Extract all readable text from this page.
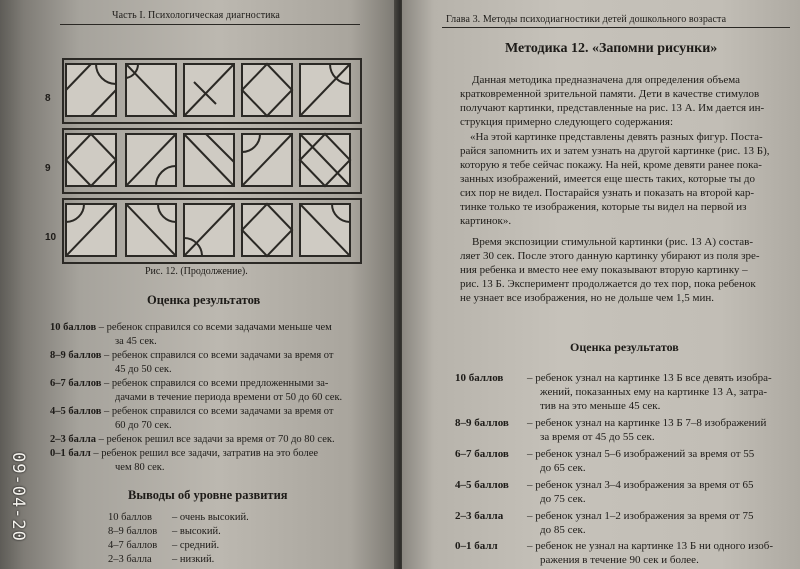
Часть I. Психологическая диагностика
8
9
10
Рис. 12. (Продолжение).
Оценка результатов
10 баллов – ребенок справился со всеми задачами меньше чем
за 45 сек.
8–9 баллов – ребенок справился со всеми задачами за время от
45 до 50 сек.
6–7 баллов – ребенок справился со всеми предложенными за-
дачами в течение периода времени от 50 до 60 сек.
4–5 баллов – ребенок справился со всеми задачами за время от
60 до 70 сек.
2–3 балла – ребенок решил все задачи за время от 70 до 80 сек.
0–1 балл – ребенок решил все задачи, затратив на это более
чем 80 сек.
Выводы об уровне развития
10 баллов – очень высокий.
8–9 баллов – высокий.
4–7 баллов – средний.
2–3 балла – низкий.
Глава 3. Методы психодиагностики детей дошкольного возраста
Методика 12. «Запомни рисунки»
Данная методика предназначена для определения объема
кратковременной зрительной памяти. Дети в качестве стимулов
получают картинки, представленные на рис. 13 А. Им дается ин-
струкция примерно следующего содержания:
«На этой картинке представлены девять разных фигур. Поста-
райся запомнить их и затем узнать на другой картинке (рис. 13 Б),
которую я тебе сейчас покажу. На ней, кроме девяти ранее пока-
занных изображений, имеется еще шесть таких, которые ты до
сих пор не видел. Постарайся узнать и показать на второй кар-
тинке только те изображения, которые ты видел на первой из
картинок».
Время экспозиции стимульной картинки (рис. 13 А) состав-
ляет 30 сек. После этого данную картинку убирают из поля зре-
ния ребенка и вместо нее ему показывают вторую картинку –
рис. 13 Б. Эксперимент продолжается до тех пор, пока ребенок
не узнает все изображения, но не дольше чем 1,5 мин.
Оценка результатов
10 баллов – ребенок узнал на картинке 13 Б все девять изобра-
жений, показанных ему на картинке 13 А, затра-
тив на это меньше 45 сек.
8–9 баллов – ребенок узнал на картинке 13 Б 7–8 изображений
за время от 45 до 55 сек.
6–7 баллов – ребенок узнал 5–6 изображений за время от 55
до 65 сек.
4–5 баллов – ребенок узнал 3–4 изображения за время от 65
до 75 сек.
2–3 балла – ребенок узнал 1–2 изображения за время от 75
до 85 сек.
0–1 балл	– ребенок не узнал на картинке 13 Б ни одного изоб-
ражения в течение 90 сек и более.
09-04-20
